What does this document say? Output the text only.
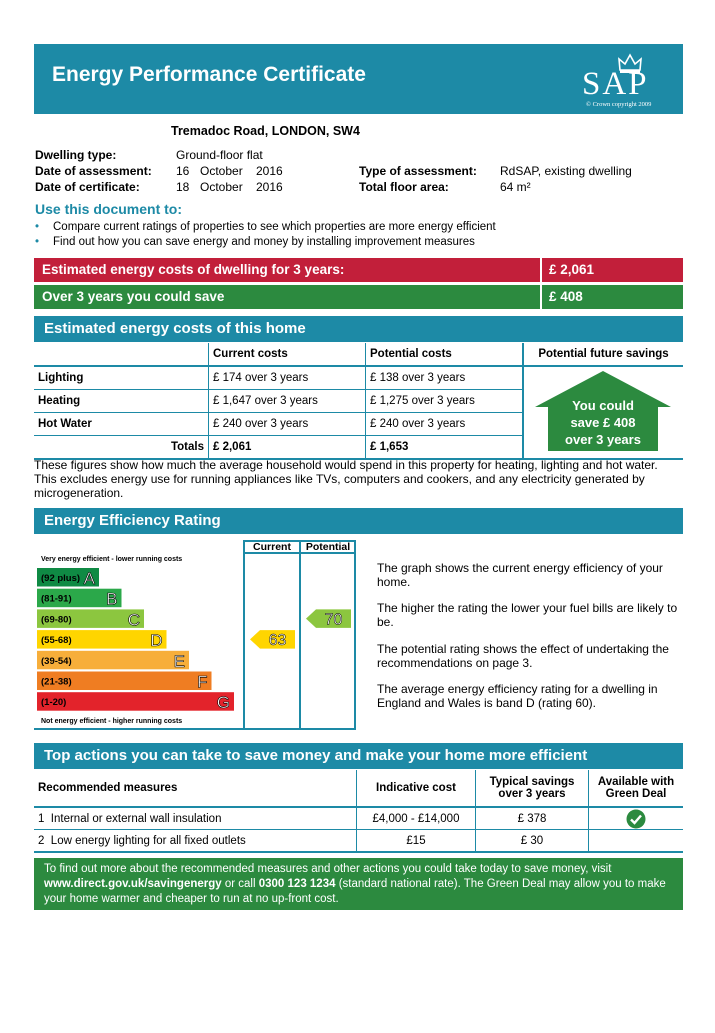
Energy Performance Certificate	SAP
© Crown copyright 2009
Tremadoc Road, LONDON, SW4
Dwelling type:	Ground-floor flat
Date of assessment: 16 October 2016
Date of certificate:	18 October 2016
Type of assessment: RdSAP, existing dwelling
Total floor area:	64 m²
Use this document to:
• Compare current ratings of properties to see which properties are more energy efficient
• Find out how you can save energy and money by installing improvement measures
Estimated energy costs of dwelling for 3 years:	£ 2,061
Over 3 years you could save	£ 408
Estimated energy costs of this home
	Current costs	Potential costs	Potential future savings
Lighting	£ 174 over 3 years	£ 138 over 3 years	You could
save £ 408
over 3 years

Heating	£ 1,647 over 3 years	£ 1,275 over 3 years	
Hot Water	£ 240 over 3 years	£ 240 over 3 years	
Totals	£ 2,061	£ 1,653	
These figures show how much the average household would spend in this property for heating, lighting and hot water. This excludes energy use for running appliances like TVs, computers and cookers, and any electricity generated by microgeneration.
Energy Efficiency Rating
Current Potential
Very energy efficient - lower running costs
Not energy efficient - higher running costs
(92 plus) A
(81-91) B
(69-80)	C
(55-68)	D
(39-54)	E
(21-38)	F
(1-20)	G
63
70
The graph shows the current energy efficiency of your home.
The higher the rating the lower your fuel bills are likely to be.
The potential rating shows the effect of undertaking the recommendations on page 3.
The average energy efficiency rating for a dwelling in England and Wales is band D (rating 60).
Top actions you can take to save money and make your home more efficient
Recommended measures	Indicative cost	Typical savings
over 3 years	Available with
Green Deal
1 Internal or external wall insulation	£4,000 - £14,000	£ 378	
2 Low energy lighting for all fixed outlets	£15	£ 30	
To find out more about the recommended measures and other actions you could take today to save money, visit www.direct.gov.uk/savingenergy or call 0300 123 1234 (standard national rate). The Green Deal may allow you to make your home warmer and cheaper to run at no up-front cost.
